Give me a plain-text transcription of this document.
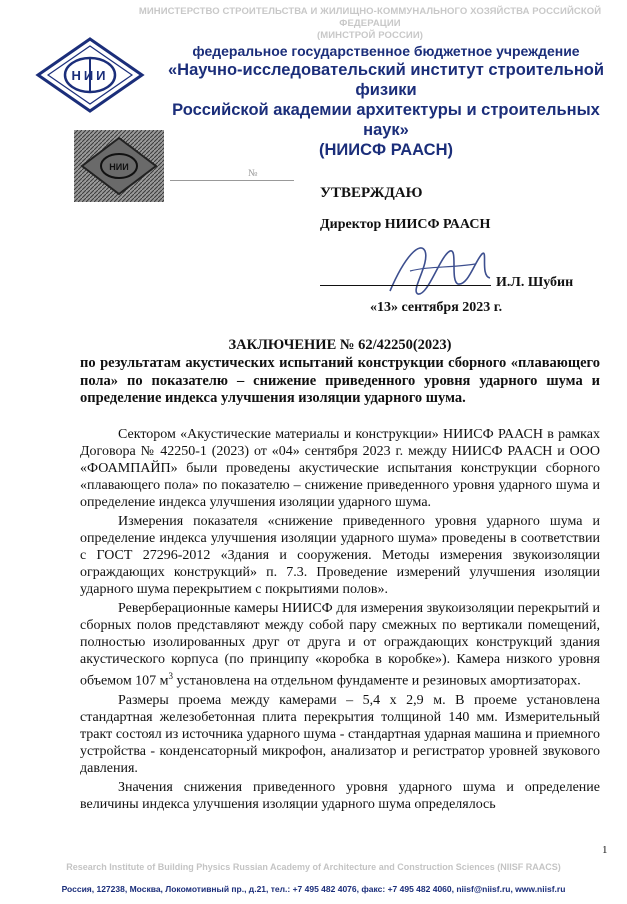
МИНИСТЕРСТВО СТРОИТЕЛЬСТВА И ЖИЛИЩНО-КОММУНАЛЬНОГО ХОЗЯЙСТВА РОССИЙСКОЙ ФЕДЕРАЦИИ
(МИНСТРОЙ РОССИИ)
НИИ
федеральное государственное бюджетное учреждение
«Научно-исследовательский институт строительной физики
Российской академии архитектуры и строительных наук»
(НИИСФ РААСН)
НИИ
№
УТВЕРЖДАЮ
Директор НИИСФ РААСН
И.Л. Шубин
«13» сентября 2023 г.
ЗАКЛЮЧЕНИЕ № 62/42250(2023)
по результатам акустических испытаний конструкции сборного «плавающего пола» по показателю – снижение приведенного уровня ударного шума и определение индекса улучшения изоляции ударного шума.

Сектором «Акустические материалы и конструкции» НИИСФ РААСН в рамках Договора № 42250-1 (2023) от «04» сентября 2023 г. между НИИСФ РААСН и ООО «ФОАМПАЙП» были проведены акустические испытания конструкции сборного «плавающего пола» по показателю – снижение приведенного уровня ударного шума и определение индекса улучшения изоляции ударного шума.

Измерения показателя «снижение приведенного уровня ударного шума и определение индекса улучшения изоляции ударного шума» проведены в соответствии с ГОСТ 27296-2012 «Здания и сооружения. Методы измерения звукоизоляции ограждающих конструкций» п. 7.3. Проведение измерений улучшения изоляции ударного шума перекрытием с покрытиями полов».

Реверберационные камеры НИИСФ для измерения звукоизоляции перекрытий и сборных полов представляют между собой пару смежных по вертикали помещений, полностью изолированных друг от друга и от ограждающих конструкций здания акустического корпуса (по принципу «коробка в коробке»). Камера низкого уровня объемом 107 $м^3$ установлена на отдельном фундаменте и резиновых амортизаторах.

Размеры проема между камерами – 5,4 х 2,9 м. В проеме установлена стандартная железобетонная плита перекрытия толщиной 140 мм. Измерительный тракт состоял из источника ударного шума - стандартная ударная машина и приемного устройства - конденсаторный микрофон, анализатор и регистратор уровней звукового давления.

Значения снижения приведенного уровня ударного шума и определение величины индекса улучшения изоляции ударного шума определялось

1
Research Institute of Building Physics Russian Academy of Architecture and Construction Sciences (NIISF RAACS)
Россия, 127238, Москва, Локомотивный пр., д.21, тел.: +7 495 482 4076, факс: +7 495 482 4060, niisf@niisf.ru, www.niisf.ru
